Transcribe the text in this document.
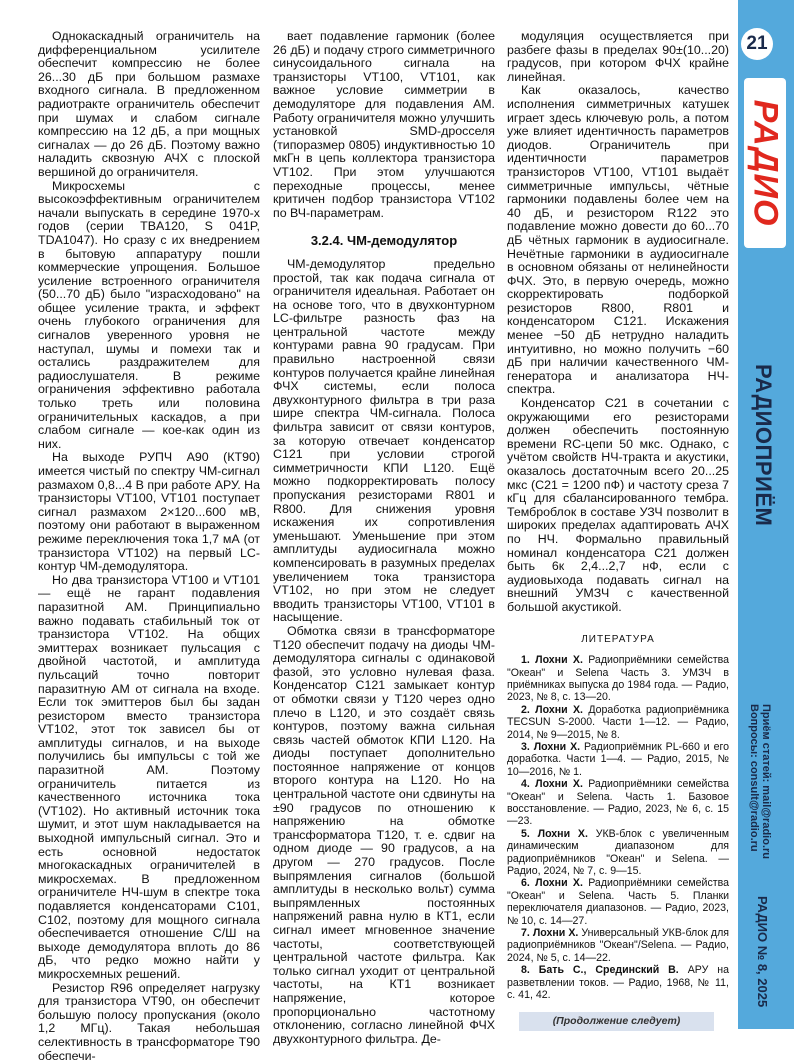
Однокаскадный ограничитель на дифференциальном усилителе обеспечит компрессию не более 26...30 дБ при большом размахе входного сигнала. В предложенном радиотракте ограничитель обеспечит при шумах и слабом сигнале компрессию на 12 дБ, а при мощных сигналах — до 26 дБ. Поэтому важно наладить сквозную АЧХ с плоской вершиной до ограничителя.

Микросхемы с высокоэффективным ограничителем начали выпускать в середине 1970-х годов (серии TBA120, S 041P, TDA1047). Но сразу с их внедрением в бытовую аппаратуру пошли коммерческие упрощения. Большое усиление встроенного ограничителя (50...70 дБ) было "израсходовано" на общее усиление тракта, и эффект очень глубокого ограничения для сигналов уверенного уровня не наступал, шумы и помехи так и остались раздражителем для радиослушателя. В режиме ограничения эффективно работала только треть или половина ограничительных каскадов, а при слабом сигнале — кое-как один из них.

На выходе РУПЧ А90 (КТ90) имеется чистый по спектру ЧМ-сигнал размахом 0,8...4 В при работе АРУ. На транзисторы VT100, VT101 поступает сигнал размахом 2×120...600 мВ, поэтому они работают в выраженном режиме переключения тока 1,7 мА (от транзистора VT102) на первый LC-контур ЧМ-демодулятора.

Но два транзистора VT100 и VT101 — ещё не гарант подавления паразитной АМ. Принципиально важно подавать стабильный ток от транзистора VT102. На общих эмиттерах возникает пульсация с двойной частотой, и амплитуда пульсаций точно повторит паразитную АМ от сигнала на входе. Если ток эмиттеров был бы задан резистором вместо транзистора VT102, этот ток зависел бы от амплитуды сигналов, и на выходе получились бы импульсы с той же паразитной АМ. Поэтому ограничитель питается из качественного источника тока (VT102). Но активный источник тока шумит, и этот шум накладывается на выходной импульсный сигнал. Это и есть основной недостаток многокаскадных ограничителей в микросхемах. В предложенном ограничителе НЧ-шум в спектре тока подавляется конденсаторами C101, C102, поэтому для мощного сигнала обеспечивается отношение С/Ш на выходе демодулятора вплоть до 86 дБ, что редко можно найти у микросхемных решений.

Резистор R96 определяет нагрузку для транзистора VT90, он обеспечит большую полосу пропускания (около 1,2 МГц). Такая небольшая селективность в трансформаторе Т90 обеспечи-

вает подавление гармоник (более 26 дБ) и подачу строго симметричного синусоидального сигнала на транзисторы VT100, VT101, как важное условие симметрии в демодуляторе для подавления АМ. Работу ограничителя можно улучшить установкой SMD-дросселя (типоразмер 0805) индуктивностью 10 мкГн в цепь коллектора транзистора VT102. При этом улучшаются переходные процессы, менее критичен подбор транзистора VT102 по ВЧ-параметрам.

3.2.4. ЧМ-демодулятор

ЧМ-демодулятор предельно простой, так как подача сигнала от ограничителя идеальная. Работает он на основе того, что в двухконтурном LC-фильтре разность фаз на центральной частоте между контурами равна 90 градусам. При правильно настроенной связи контуров получается крайне линейная ФЧХ системы, если полоса двухконтурного фильтра в три раза шире спектра ЧМ-сигнала. Полоса фильтра зависит от связи контуров, за которую отвечает конденсатор C121 при условии строгой симметричности КПИ L120. Ещё можно подкорректировать полосу пропускания резисторами R801 и R800. Для снижения уровня искажения их сопротивления уменьшают. Уменьшение при этом амплитуды аудиосигнала можно компенсировать в разумных пределах увеличением тока транзистора VT102, но при этом не следует вводить транзисторы VT100, VT101 в насыщение.

Обмотка связи в трансформаторе Т120 обеспечит подачу на диоды ЧМ-демодулятора сигналы с одинаковой фазой, это условно нулевая фаза. Конденсатор C121 замыкает контур от обмотки связи у Т120 через одно плечо в L120, и это создаёт связь контуров, поэтому важна сильная связь частей обмоток КПИ L120. На диоды поступает дополнительно постоянное напряжение от концов второго контура на L120. Но на центральной частоте они сдвинуты на ±90 градусов по отношению к напряжению на обмотке трансформатора Т120, т. е. сдвиг на одном диоде — 90 градусов, а на другом — 270 градусов. После выпрямления сигналов (большой амплитуды в несколько вольт) сумма выпрямленных постоянных напряжений равна нулю в КТ1, если сигнал имеет мгновенное значение частоты, соответствующей центральной частоте фильтра. Как только сигнал уходит от центральной частоты, на КТ1 возникает напряжение, которое пропорционально частотному отклонению, согласно линейной ФЧХ двухконтурного фильтра. Де-

модуляция осуществляется при разбеге фазы в пределах 90±(10...20) градусов, при котором ФЧХ крайне линейная.

Как оказалось, качество исполнения симметричных катушек играет здесь ключевую роль, а потом уже влияет идентичность параметров диодов. Ограничитель при идентичности параметров транзисторов VT100, VT101 выдаёт симметричные импульсы, чётные гармоники подавлены более чем на 40 дБ, и резистором R122 это подавление можно довести до 60...70 дБ чётных гармоник в аудиосигнале. Нечётные гармоники в аудиосигнале в основном обязаны от нелинейности ФЧХ. Это, в первую очередь, можно скорректировать подборкой резисторов R800, R801 и конденсатором C121. Искажения менее −50 дБ нетрудно наладить интуитивно, но можно получить −60 дБ при наличии качественного ЧМ-генератора и анализатора НЧ-спектра.

Конденсатор C21 в сочетании с окружающими его резисторами должен обеспечить постоянную времени RC-цепи 50 мкс. Однако, с учётом свойств НЧ-тракта и акустики, оказалось достаточным всего 20...25 мкс (C21 = 1200 пФ) и частоту среза 7 кГц для сбалансированного тембра. Темброблок в составе УЗЧ позволит в широких пределах адаптировать АЧХ по НЧ. Формально правильный номинал конденсатора C21 должен быть 6к 2,4...2,7 нФ, если с аудиовыхода подавать сигнал на внешний УМЗЧ с качественной большой акустикой.

ЛИТЕРАТУРА

1. Лохни Х. Радиоприёмники семейства "Океан" и Selena Часть 3. УМЗЧ в приёмниках выпуска до 1984 года. — Радио, 2023, № 8, с. 13—20.

2. Лохни Х. Доработка радиоприёмника TECSUN S-2000. Части 1—12. — Радио, 2014, № 9—2015, № 8.

3. Лохни Х. Радиоприёмник PL-660 и его доработка. Части 1—4. — Радио, 2015, № 10—2016, № 1.

4. Лохни Х. Радиоприёмники семейства "Океан" и Selena. Часть 1. Базовое восстановление. — Радио, 2023, № 6, с. 15—23.

5. Лохни Х. УКВ-блок с увеличенным динамическим диапазоном для радиоприёмников "Океан" и Selena. — Радио, 2024, № 7, с. 9—15.

6. Лохни Х. Радиоприёмники семейства "Океан" и Selena. Часть 5. Планки переключателя диапазонов. — Радио, 2023, № 10, с. 14—27.

7. Лохни Х. Универсальный УКВ-блок для радиоприёмников "Океан"/Selena. — Радио, 2024, № 5, с. 14—22.

8. Бать С., Срединский В. АРУ на разветвлении токов. — Радио, 1968, № 11, с. 41, 42.

(Продолжение следует)
21
РАДИО
РАДИОПРИЁМ
Приём статей: mail@radio.ru
Вопросы: consult@radio.ru
РАДИО № 8, 2025
